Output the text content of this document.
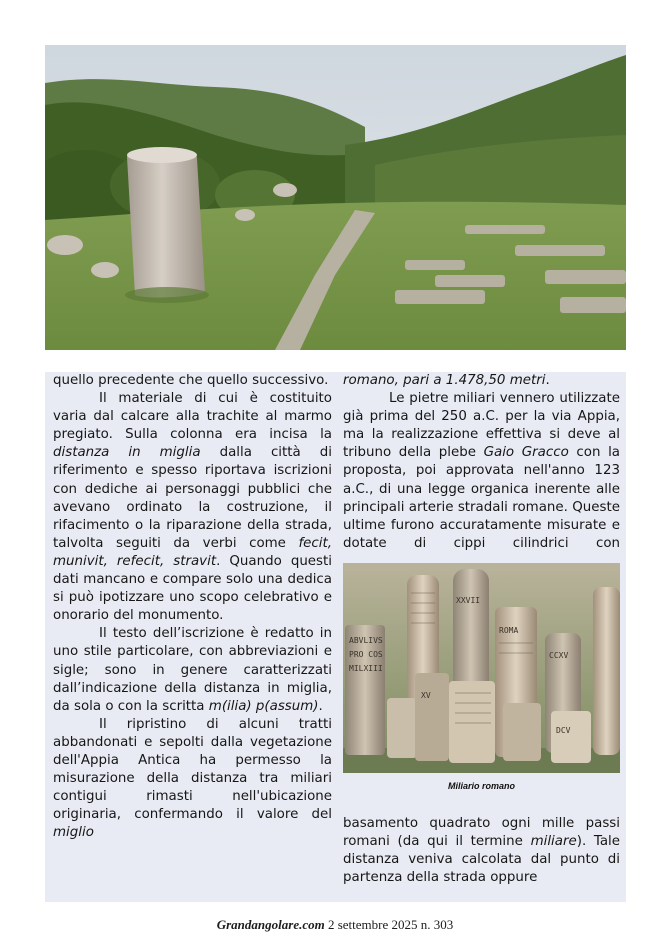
quello precedente che quello successivo.

Il materiale di cui è costituito varia dal calcare alla trachite al marmo pregiato. Sulla colonna era incisa la distanza in miglia dalla città di riferimento e spesso riportava iscrizioni con dediche ai personaggi pubblici che avevano ordinato la costruzione, il rifacimento o la riparazione della strada, talvolta seguiti da verbi come fecit, munivit, refecit, stravit. Quando questi dati mancano e compare solo una dedica si può ipotizzare uno scopo celebrativo e onorario del monumento.

Il testo dell’iscrizione è redatto in uno stile particolare, con abbreviazioni e sigle; sono in genere caratterizzati dall’indicazione della distanza in miglia, da sola o con la scritta m(ilia) p(assum).

Il ripristino di alcuni tratti abbandonati e sepolti dalla vegetazione dell'Appia Antica ha permesso la misurazione della distanza tra miliari contigui rimasti nell'ubicazione originaria, confermando il valore del miglio

romano, pari a 1.478,50 metri.

Le pietre miliari vennero utilizzate già prima del 250 a.C. per la via Appia, ma la realizzazione effettiva si deve al tribuno della plebe Gaio Gracco con la proposta, poi approvata nell'anno 123 a.C., di una legge organica inerente alle principali arterie stradali romane. Queste ultime furono accuratamente misurate e dotate di cippi cilindrici con

ABVLIVS
PRO COS
MILXIII
XXVII
XV
DCV
CCXV
ROMA
Miliario romano

basamento quadrato ogni mille passi romani (da qui il termine miliare). Tale distanza veniva calcolata dal punto di partenza della strada oppure

Grandangolare.com 2 settembre 2025 n. 303
